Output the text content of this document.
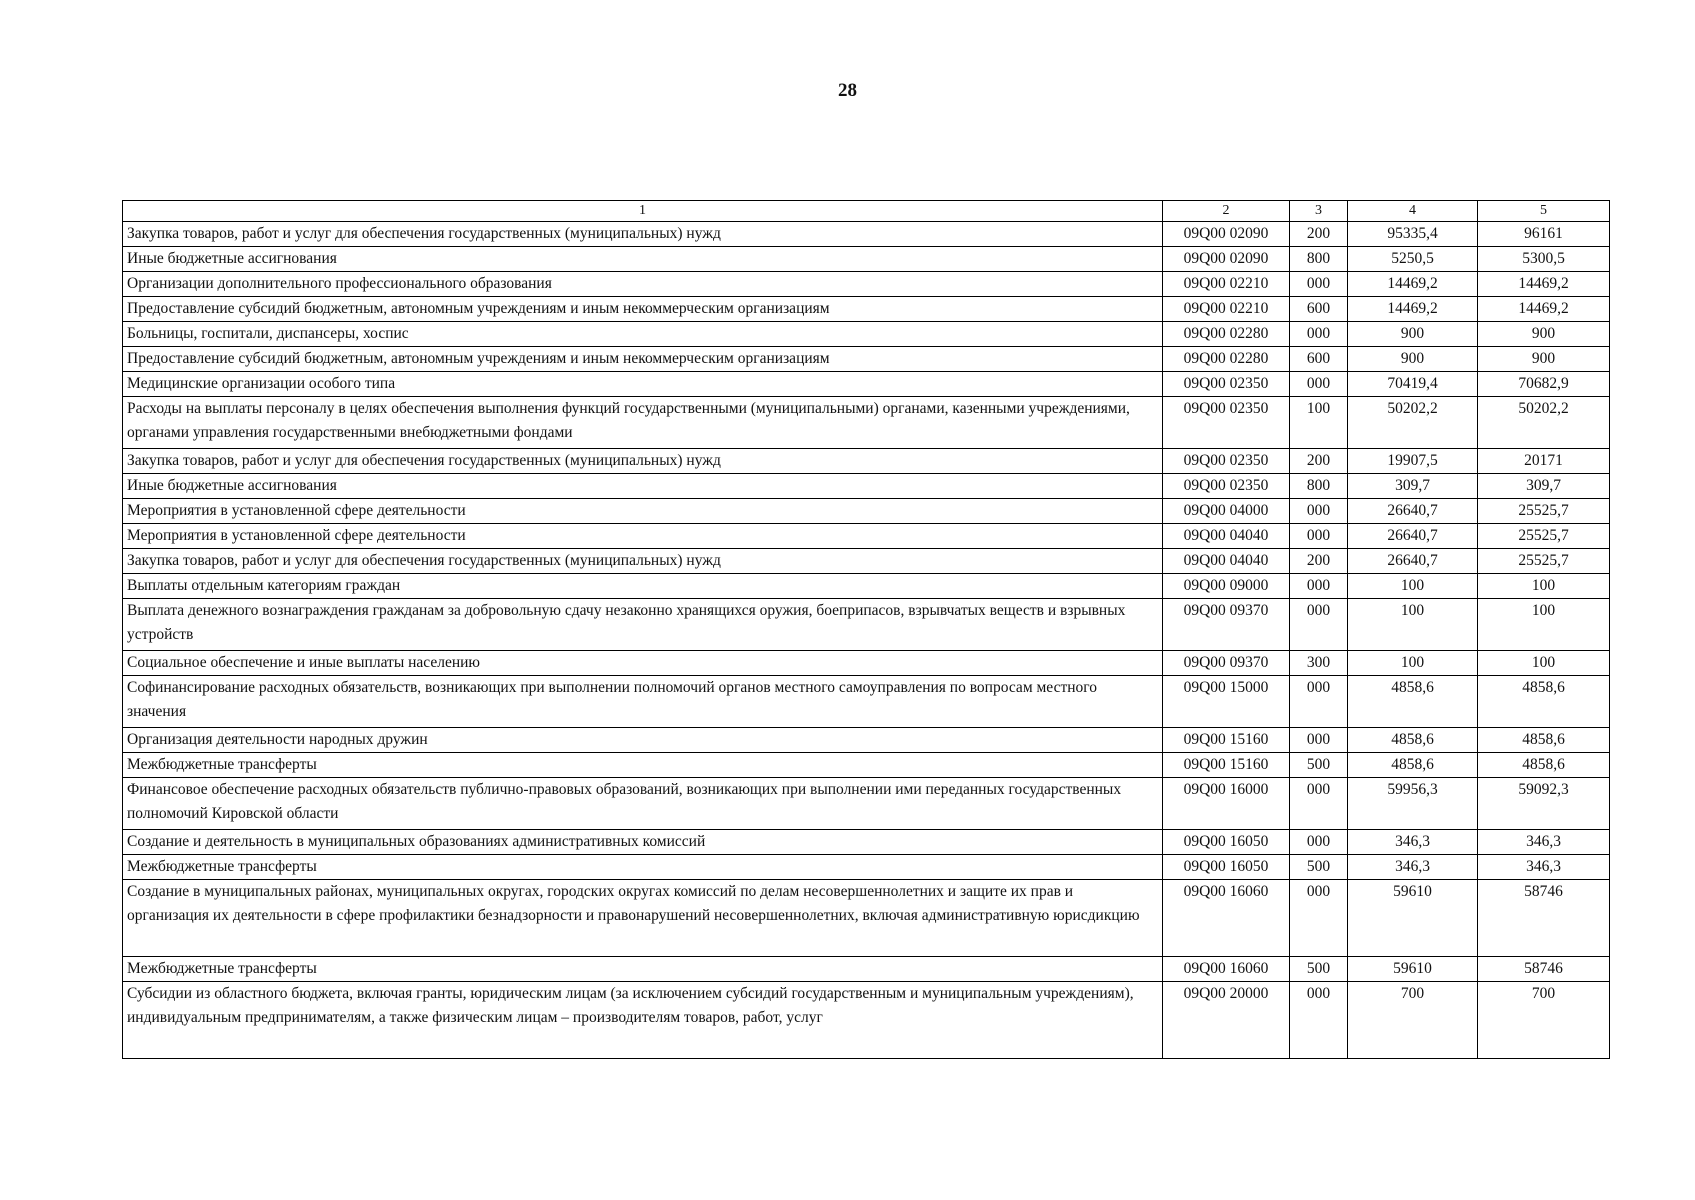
28
1	2	3	4	5
Закупка товаров, работ и услуг для обеспечения государственных (муниципальных) нужд	09Q00 02090	200	95335,4	96161
Иные бюджетные ассигнования	09Q00 02090	800	5250,5	5300,5
Организации дополнительного профессионального образования	09Q00 02210	000	14469,2	14469,2
Предоставление субсидий бюджетным, автономным учреждениям и иным некоммерческим организациям	09Q00 02210	600	14469,2	14469,2
Больницы, госпитали, диспансеры, хоспис	09Q00 02280	000	900	900
Предоставление субсидий бюджетным, автономным учреждениям и иным некоммерческим организациям	09Q00 02280	600	900	900
Медицинские организации особого типа	09Q00 02350	000	70419,4	70682,9
Расходы на выплаты персоналу в целях обеспечения выполнения функций государственными (муниципальными) органами, казенными учреждениями, органами управления государственными внебюджетными фондами	09Q00 02350	100	50202,2	50202,2
Закупка товаров, работ и услуг для обеспечения государственных (муниципальных) нужд	09Q00 02350	200	19907,5	20171
Иные бюджетные ассигнования	09Q00 02350	800	309,7	309,7
Мероприятия в установленной сфере деятельности	09Q00 04000	000	26640,7	25525,7
Мероприятия в установленной сфере деятельности	09Q00 04040	000	26640,7	25525,7
Закупка товаров, работ и услуг для обеспечения государственных (муниципальных) нужд	09Q00 04040	200	26640,7	25525,7
Выплаты отдельным категориям граждан	09Q00 09000	000	100	100
Выплата денежного вознаграждения гражданам за добровольную сдачу незаконно хранящихся оружия, боеприпасов, взрывчатых веществ и взрывных устройств	09Q00 09370	000	100	100
Социальное обеспечение и иные выплаты населению	09Q00 09370	300	100	100
Софинансирование расходных обязательств, возникающих при выполнении полномочий органов местного самоуправления по вопросам местного значения	09Q00 15000	000	4858,6	4858,6
Организация деятельности народных дружин	09Q00 15160	000	4858,6	4858,6
Межбюджетные трансферты	09Q00 15160	500	4858,6	4858,6
Финансовое обеспечение расходных обязательств публично-правовых образований, возникающих при выполнении ими переданных государственных полномочий Кировской области	09Q00 16000	000	59956,3	59092,3
Создание и деятельность в муниципальных образованиях административных комиссий	09Q00 16050	000	346,3	346,3
Межбюджетные трансферты	09Q00 16050	500	346,3	346,3
Создание в муниципальных районах, муниципальных округах, городских округах комиссий по делам несовершеннолетних и защите их прав и организация их деятельности в сфере профилактики безнадзорности и правонарушений несовершеннолетних, включая административную юрисдикцию	09Q00 16060	000	59610	58746
Межбюджетные трансферты	09Q00 16060	500	59610	58746
Субсидии из областного бюджета, включая гранты, юридическим лицам (за исключением субсидий государственным и муниципальным учреждениям), индивидуальным предпринимателям, а также физическим лицам – производителям товаров, работ, услуг	09Q00 20000	000	700	700
